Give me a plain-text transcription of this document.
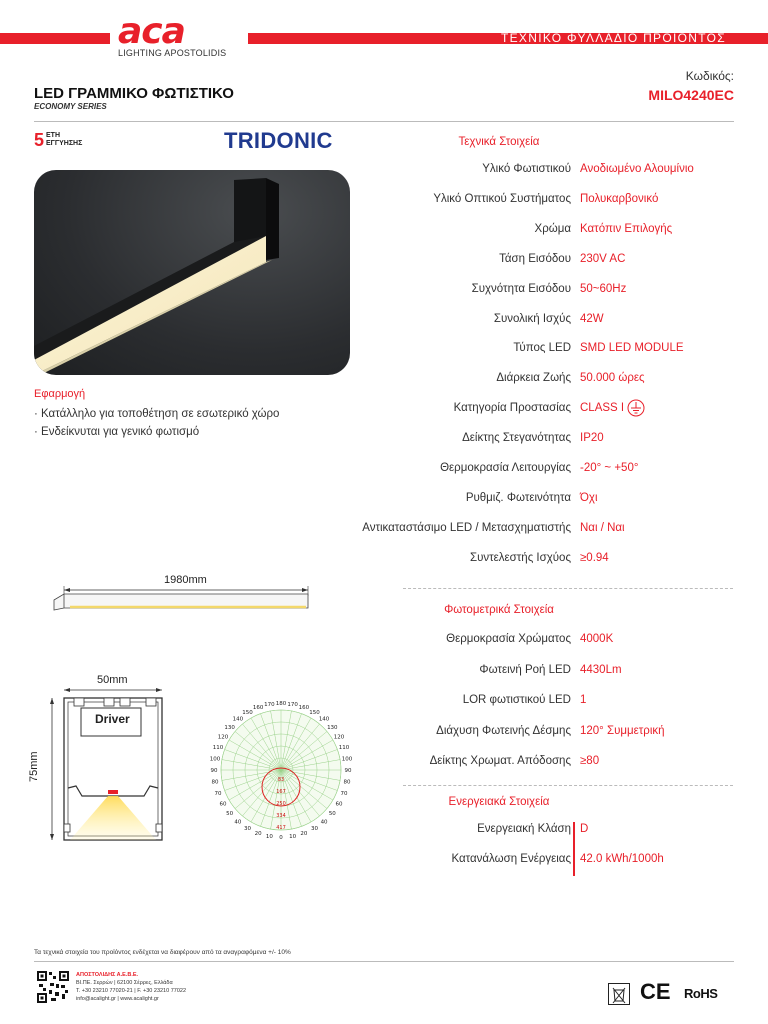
ΤΕΧΝΙΚΟ ΦΥΛΛΑΔΙΟ ΠΡΟΪΟΝΤΟΣ
aca
LIGHTING APOSTOLIDIS
Κωδικός:
MILO4240EC
LED ΓΡΑΜΜΙΚΟ ΦΩΤΙΣΤΙΚΟ
ECONOMY SERIES
5 ΕΤΗ
ΕΓΓΥΗΣΗΣ	TRIDONIC
Εφαρμογή
· Κατάλληλο για τοποθέτηση σε εσωτερικό χώρο
· Ενδείκνυται για γενικό φωτισμό
1980mm
50mm
75mm
Driver
180 170
170
160
160
150
150
140
140
130
130
120
120
110
110
100
100
90
90
80
80
70
70
60
60
50
50
40
40
30
30
20
20
10
10 0
83
167
250
334
417
Τεχνικά Στοιχεία
Υλικό Φωτιστικού Ανοδιωμένο Αλουμίνιο
Υλικό Οπτικού Συστήματος Πολυκαρβονικό
Χρώμα Κατόπιν Επιλογής
Τάση Εισόδου 230V AC
Συχνότητα Εισόδου 50~60Hz
Συνολική Ισχύς 42W
Τύπος LED SMD LED MODULE
Διάρκεια Ζωής 50.000 ώρες
Κατηγορία Προστασίας CLASS I
Δείκτης Στεγανότητας IP20
Θερμοκρασία Λειτουργίας -20° ~ +50°
Ρυθμιζ. Φωτεινότητα Όχι
Αντικαταστάσιμο LED / Μετασχηματιστής Ναι / Ναι
Συντελεστής Ισχύος ≥0.94
Φωτομετρικά Στοιχεία
Θερμοκρασία Χρώματος 4000K
Φωτεινή Ροή LED 4430Lm
LOR φωτιστικού LED 1
Διάχυση Φωτεινής Δέσμης 120° Συμμετρική
Δείκτης Χρωματ. Απόδοσης ≥80
Ενεργειακά Στοιχεία
Ενεργειακή Κλάση D
Κατανάλωση Ενέργειας 42.0 kWh/1000h
Τα τεχνικά στοιχεία του προϊόντος ενδέχεται να διαφέρουν από τα αναγραφόμενα +/- 10%
ΑΠΟΣΤΟΛΙΔΗΣ Α.Ε.Β.Ε.
ΒΙ.ΠΕ. Σερρών | 62100 Σέρρες, Ελλάδα
Τ. +30 23210 77020-21 | F. +30 23210 77022
info@acalight.gr | www.acalight.gr	CE RoHS
